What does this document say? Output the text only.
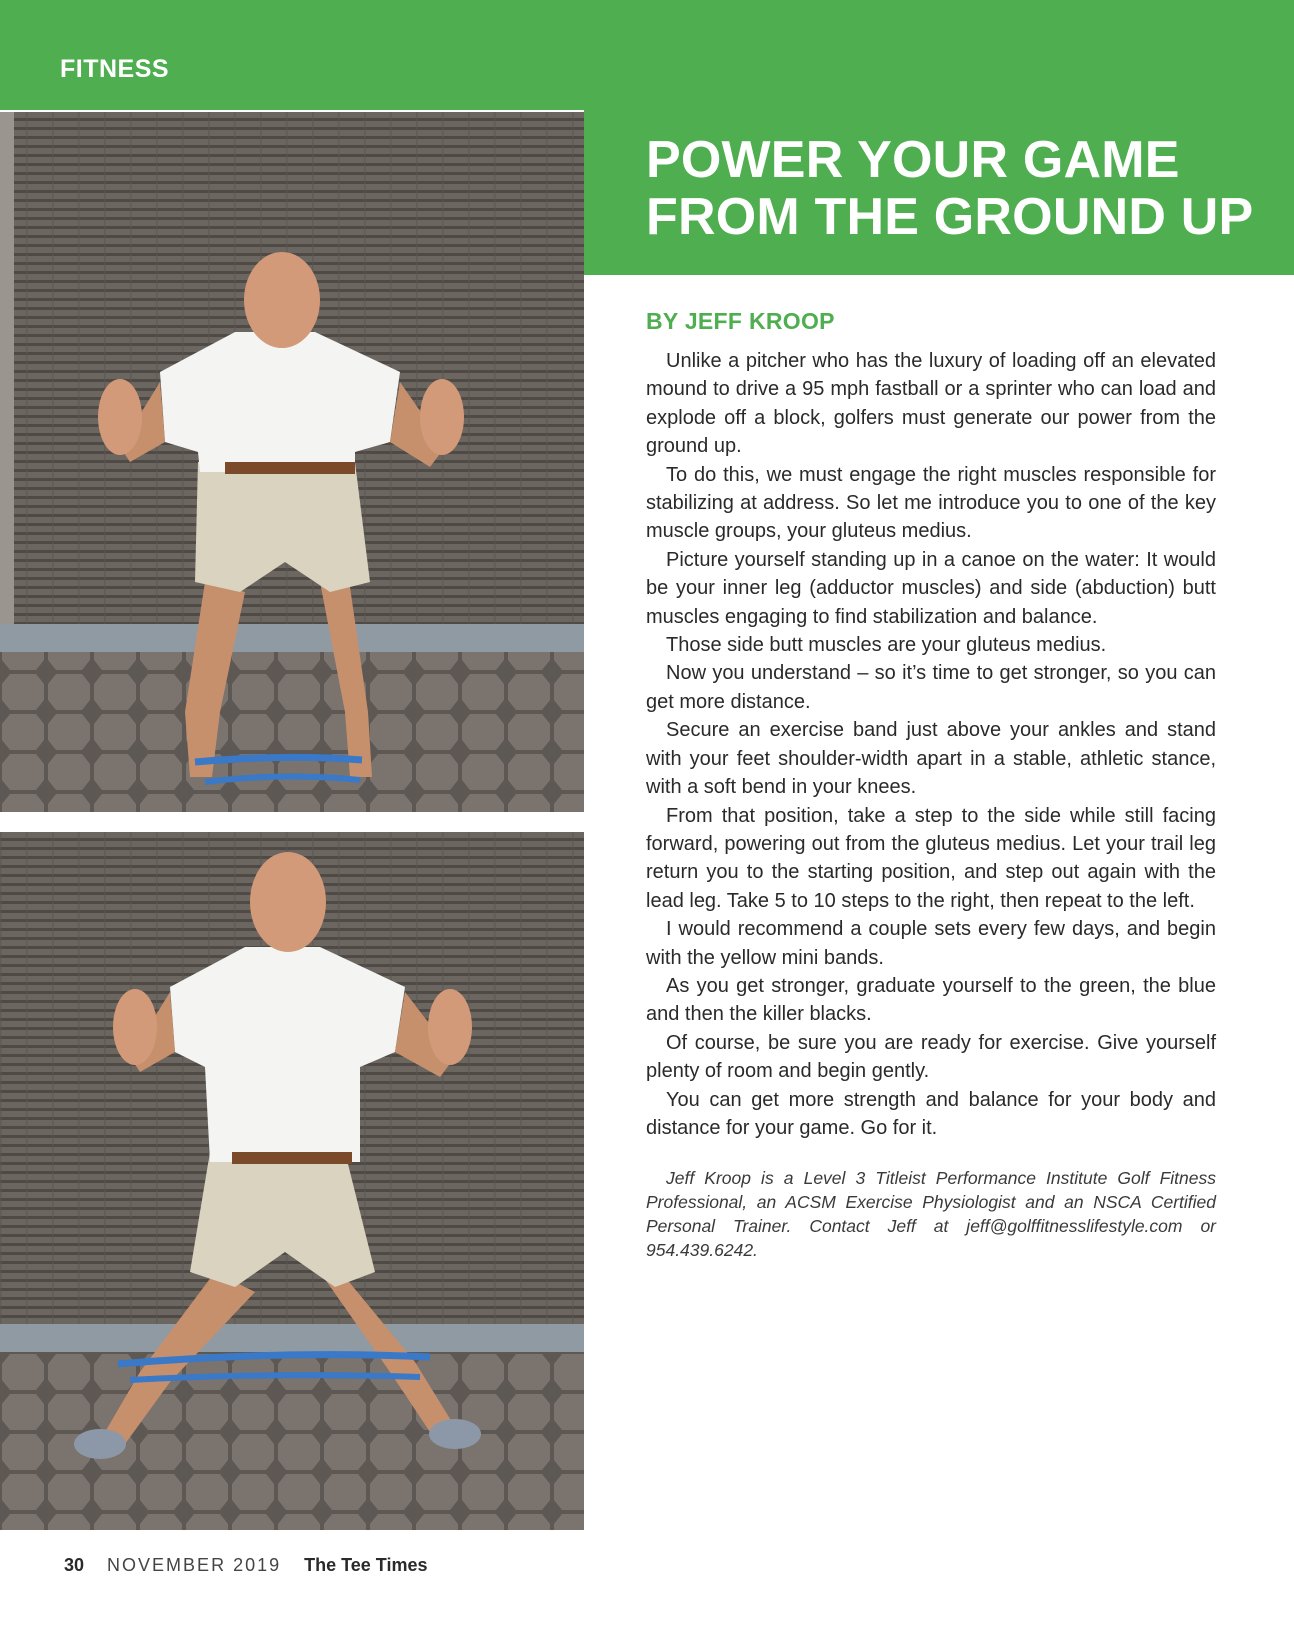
FITNESS
POWER YOUR GAME
FROM THE GROUND UP
BY JEFF KROOP

Unlike a pitcher who has the luxury of loading off an elevated mound to drive a 95 mph fastball or a sprinter who can load and explode off a block, golfers must generate our power from the ground up.

To do this, we must engage the right muscles responsible for stabilizing at address. So let me introduce you to one of the key muscle groups, your gluteus medius.

Picture yourself standing up in a canoe on the water: It would be your inner leg (adductor muscles) and side (abduction) butt muscles engaging to find stabilization and balance.

Those side butt muscles are your gluteus medius.

Now you understand – so it’s time to get stronger, so you can get more distance.

Secure an exercise band just above your ankles and stand with your feet shoulder-width apart in a stable, athletic stance, with a soft bend in your knees.

From that position, take a step to the side while still facing forward, powering out from the gluteus medius. Let your trail leg return you to the starting position, and step out again with the lead leg. Take 5 to 10 steps to the right, then repeat to the left.

I would recommend a couple sets every few days, and begin with the yellow mini bands.

As you get stronger, graduate yourself to the green, the blue and then the killer blacks.

Of course, be sure you are ready for exercise. Give yourself plenty of room and begin gently.

You can get more strength and balance for your body and distance for your game. Go for it.

Jeff Kroop is a Level 3 Titleist Performance Institute Golf Fitness Professional, an ACSM Exercise Physiologist and an NSCA Certified Personal Trainer. Contact Jeff at jeff@golffitnesslifestyle.com or 954.439.6242.

30 NOVEMBER 2019 The Tee Times
